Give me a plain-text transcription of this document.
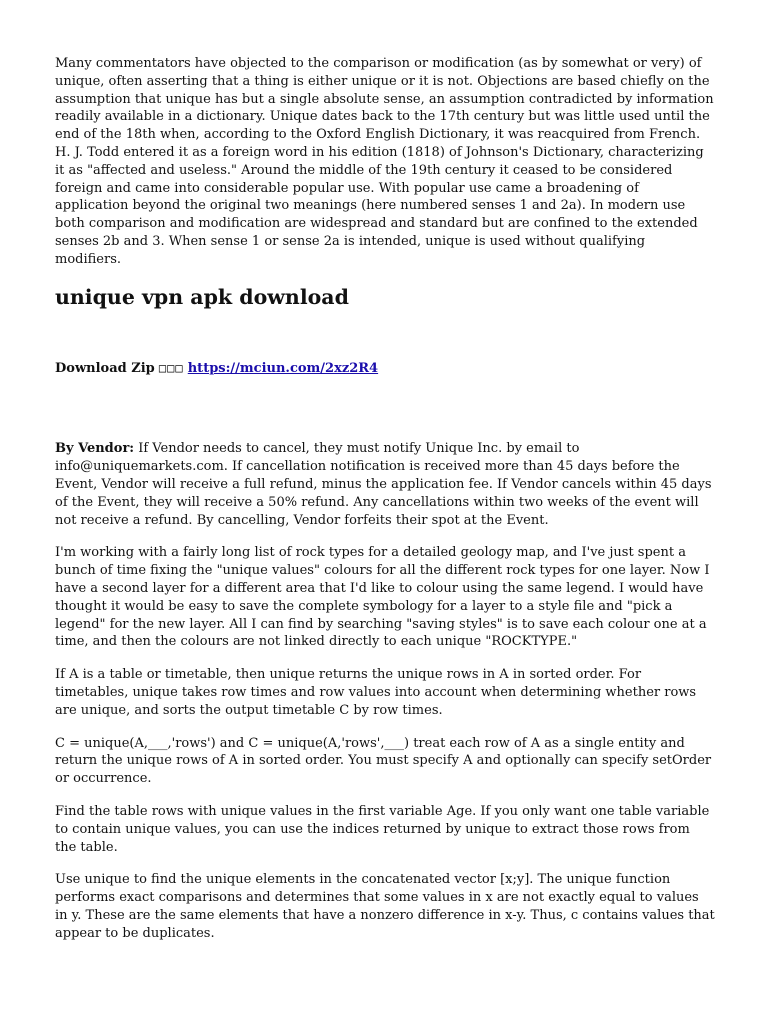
Many commentators have objected to the comparison or modification (as by somewhat or very) of unique, often asserting that a thing is either unique or it is not. Objections are based chiefly on the assumption that unique has but a single absolute sense, an assumption contradicted by information readily available in a dictionary. Unique dates back to the 17th century but was little used until the end of the 18th when, according to the Oxford English Dictionary, it was reacquired from French. H. J. Todd entered it as a foreign word in his edition (1818) of Johnson's Dictionary, characterizing it as "affected and useless." Around the middle of the 19th century it ceased to be considered foreign and came into considerable popular use. With popular use came a broadening of application beyond the original two meanings (here numbered senses 1 and 2a). In modern use both comparison and modification are widespread and standard but are confined to the extended senses 2b and 3. When sense 1 or sense 2a is intended, unique is used without qualifying modifiers.

unique vpn apk download

Download Zip □□□ https://mciun.com/2xz2R4

By Vendor: If Vendor needs to cancel, they must notify Unique Inc. by email to info@uniquemarkets.com. If cancellation notification is received more than 45 days before the Event, Vendor will receive a full refund, minus the application fee. If Vendor cancels within 45 days of the Event, they will receive a 50% refund. Any cancellations within two weeks of the event will not receive a refund. By cancelling, Vendor forfeits their spot at the Event.

I'm working with a fairly long list of rock types for a detailed geology map, and I've just spent a bunch of time fixing the "unique values" colours for all the different rock types for one layer. Now I have a second layer for a different area that I'd like to colour using the same legend. I would have thought it would be easy to save the complete symbology for a layer to a style file and "pick a legend" for the new layer. All I can find by searching "saving styles" is to save each colour one at a time, and then the colours are not linked directly to each unique "ROCKTYPE."

If A is a table or timetable, then unique returns the unique rows in A in sorted order. For timetables, unique takes row times and row values into account when determining whether rows are unique, and sorts the output timetable C by row times.

C = unique(A,___,'rows') and C = unique(A,'rows',___) treat each row of A as a single entity and return the unique rows of A in sorted order. You must specify A and optionally can specify setOrder or occurrence.

Find the table rows with unique values in the first variable Age. If you only want one table variable to contain unique values, you can use the indices returned by unique to extract those rows from the table.

Use unique to find the unique elements in the concatenated vector [x;y]. The unique function performs exact comparisons and determines that some values in x are not exactly equal to values in y. These are the same elements that have a nonzero difference in x-y. Thus, c contains values that appear to be duplicates.
